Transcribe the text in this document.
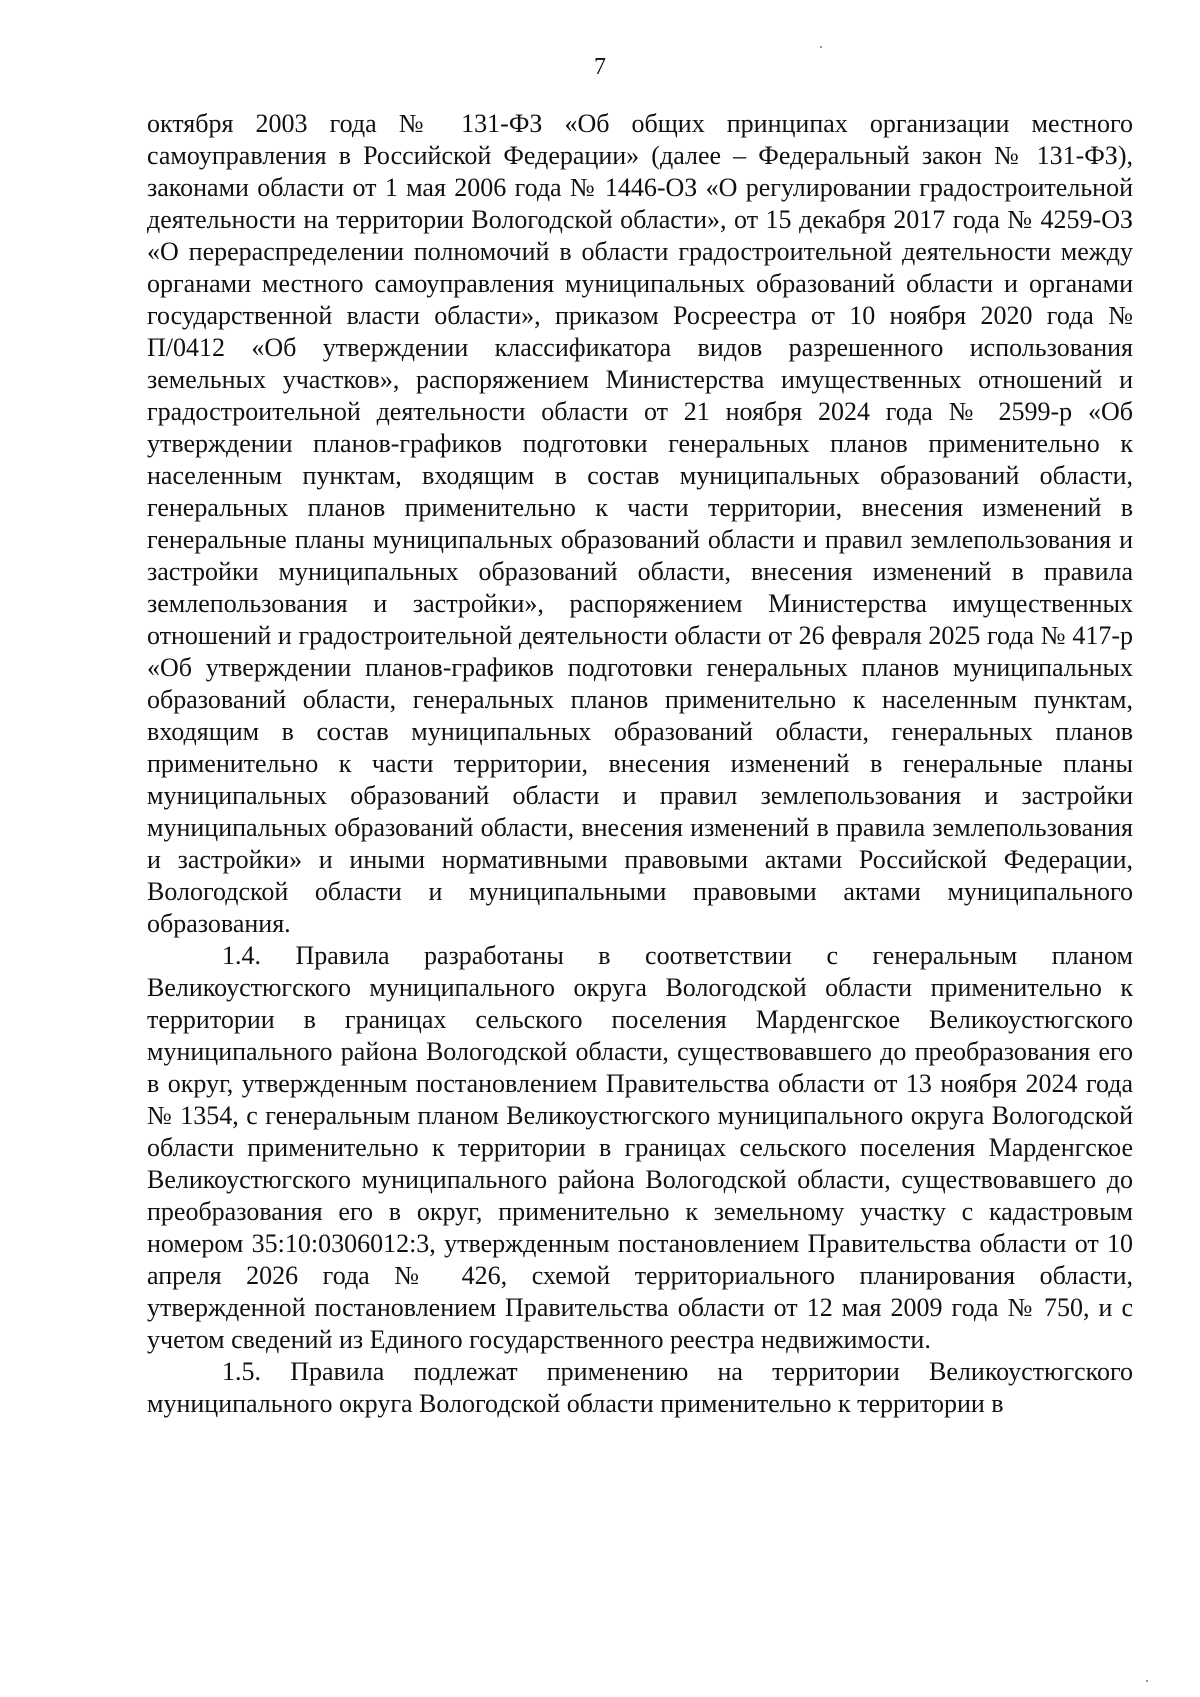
7

октября 2003 года № 131-ФЗ «Об общих принципах организации местного самоуправления в Российской Федерации» (далее – Федеральный закон № 131-ФЗ), законами области от 1 мая 2006 года № 1446-ОЗ «О регулировании градостроительной деятельности на территории Вологодской области», от 15 декабря 2017 года № 4259-ОЗ «О перераспределении полномочий в области градостроительной деятельности между органами местного самоуправления муниципальных образований области и органами государственной власти области», приказом Росреестра от 10 ноября 2020 года № П/0412 «Об утверждении классификатора видов разрешенного использования земельных участков», распоряжением Министерства имущественных отношений и градостроительной деятельности области от 21 ноября 2024 года № 2599-р «Об утверждении планов-графиков подготовки генеральных планов применительно к населенным пунктам, входящим в состав муниципальных образований области, генеральных планов применительно к части территории, внесения изменений в генеральные планы муниципальных образований области и правил землепользования и застройки муниципальных образований области, внесения изменений в правила землепользования и застройки», распоряжением Министерства имущественных отношений и градостроительной деятельности области от 26 февраля 2025 года № 417-р «Об утверждении планов-графиков подготовки генеральных планов муниципальных образований области, генеральных планов применительно к населенным пунктам, входящим в состав муниципальных образований области, генеральных планов применительно к части территории, внесения изменений в генеральные планы муниципальных образований области и правил землепользования и застройки муниципальных образований области, внесения изменений в правила землепользования и застройки» и иными нормативными правовыми актами Российской Федерации, Вологодской области и муниципальными правовыми актами муниципального образования.

1.4. Правила разработаны в соответствии с генеральным планом Великоустюгского муниципального округа Вологодской области применительно к территории в границах сельского поселения Марденгское Великоустюгского муниципального района Вологодской области, существовавшего до преобразования его в округ, утвержденным постановлением Правительства области от 13 ноября 2024 года № 1354, с генеральным планом Великоустюгского муниципального округа Вологодской области применительно к территории в границах сельского поселения Марденгское Великоустюгского муниципального района Вологодской области, существовавшего до преобразования его в округ, применительно к земельному участку с кадастровым номером 35:10:0306012:3, утвержденным постановлением Правительства области от 10 апреля 2026 года № 426, схемой территориального планирования области, утвержденной постановлением Правительства области от 12 мая 2009 года № 750, и с учетом сведений из Единого государственного реестра недвижимости.

1.5. Правила подлежат применению на территории Великоустюгского муниципального округа Вологодской области применительно к территории в
